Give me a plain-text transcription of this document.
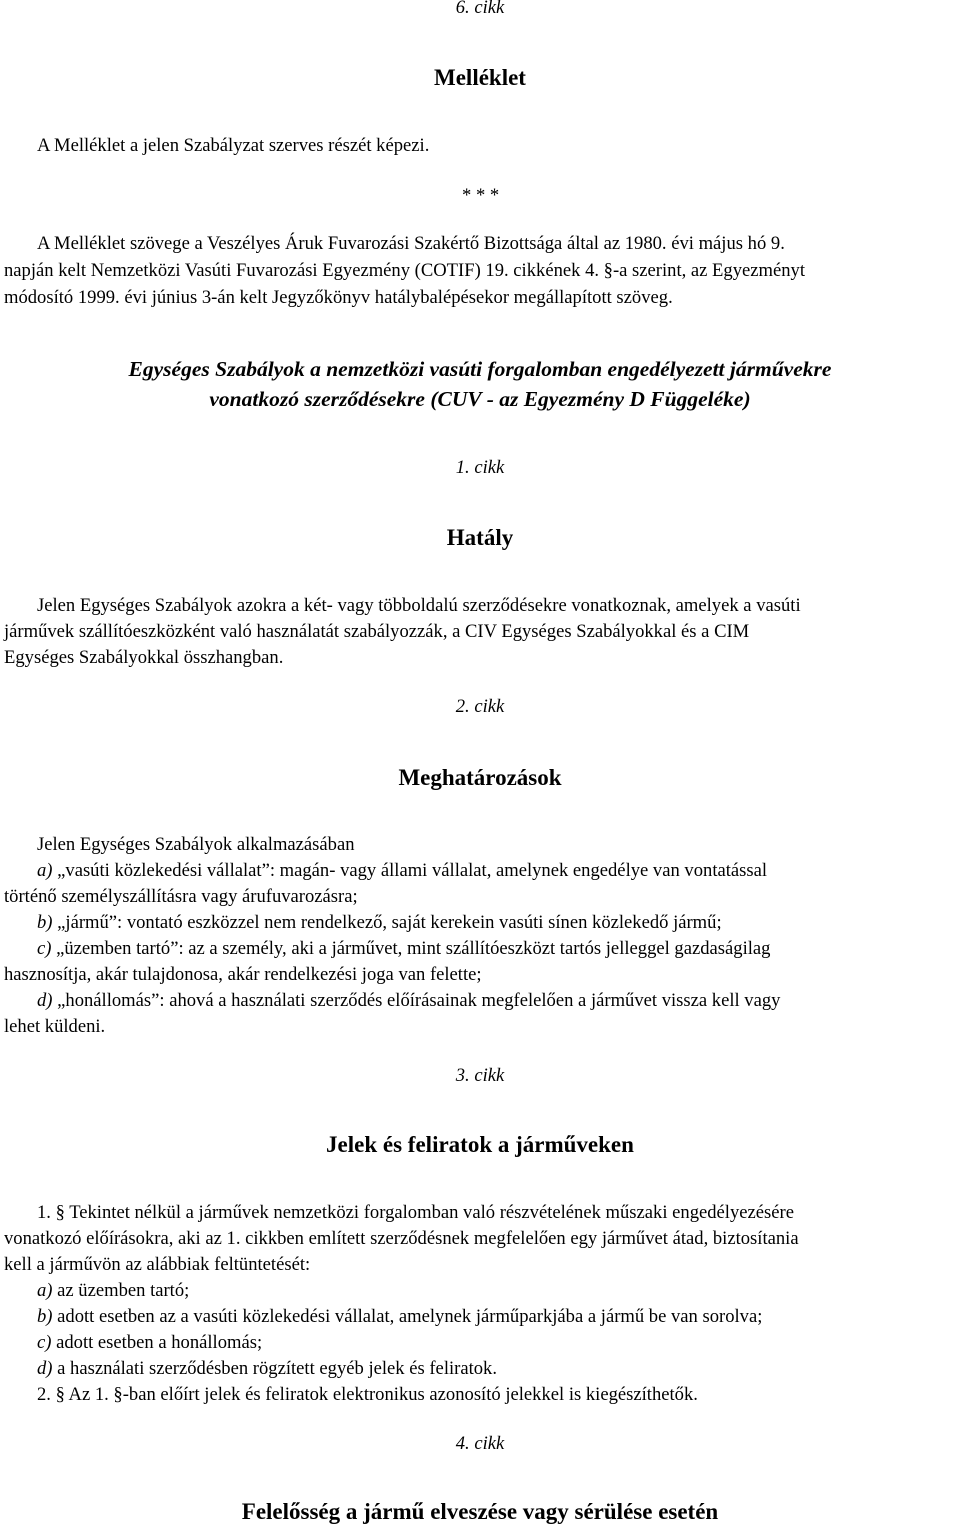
6. cikk
Melléklet
A Melléklet a jelen Szabályzat szerves részét képezi.
* * *
A Melléklet szövege a Veszélyes Áruk Fuvarozási Szakértő Bizottsága által az 1980. évi május hó 9.
napján kelt Nemzetközi Vasúti Fuvarozási Egyezmény (COTIF) 19. cikkének 4. §-a szerint, az Egyezményt
módosító 1999. évi június 3-án kelt Jegyzőkönyv hatálybalépésekor megállapított szöveg.
Egységes Szabályok a nemzetközi vasúti forgalomban engedélyezett járművekre
vonatkozó szerződésekre (CUV - az Egyezmény D Függeléke)
1. cikk
Hatály
Jelen Egységes Szabályok azokra a két- vagy többoldalú szerződésekre vonatkoznak, amelyek a vasúti
járművek szállítóeszközként való használatát szabályozzák, a CIV Egységes Szabályokkal és a CIM
Egységes Szabályokkal összhangban.
2. cikk
Meghatározások
Jelen Egységes Szabályok alkalmazásában
a) „vasúti közlekedési vállalat”: magán- vagy állami vállalat, amelynek engedélye van vontatással
történő személyszállításra vagy árufuvarozásra;
b) „jármű”: vontató eszközzel nem rendelkező, saját kerekein vasúti sínen közlekedő jármű;
c) „üzemben tartó”: az a személy, aki a járművet, mint szállítóeszközt tartós jelleggel gazdaságilag
hasznosítja, akár tulajdonosa, akár rendelkezési joga van felette;
d) „honállomás”: ahová a használati szerződés előírásainak megfelelően a járművet vissza kell vagy
lehet küldeni.
3. cikk
Jelek és feliratok a járműveken
1. § Tekintet nélkül a járművek nemzetközi forgalomban való részvételének műszaki engedélyezésére
vonatkozó előírásokra, aki az 1. cikkben említett szerződésnek megfelelően egy járművet átad, biztosítania
kell a járművön az alábbiak feltüntetését:
a) az üzemben tartó;
b) adott esetben az a vasúti közlekedési vállalat, amelynek járműparkjába a jármű be van sorolva;
c) adott esetben a honállomás;
d) a használati szerződésben rögzített egyéb jelek és feliratok.
2. § Az 1. §-ban előírt jelek és feliratok elektronikus azonosító jelekkel is kiegészíthetők.
4. cikk
Felelősség a jármű elveszése vagy sérülése esetén
